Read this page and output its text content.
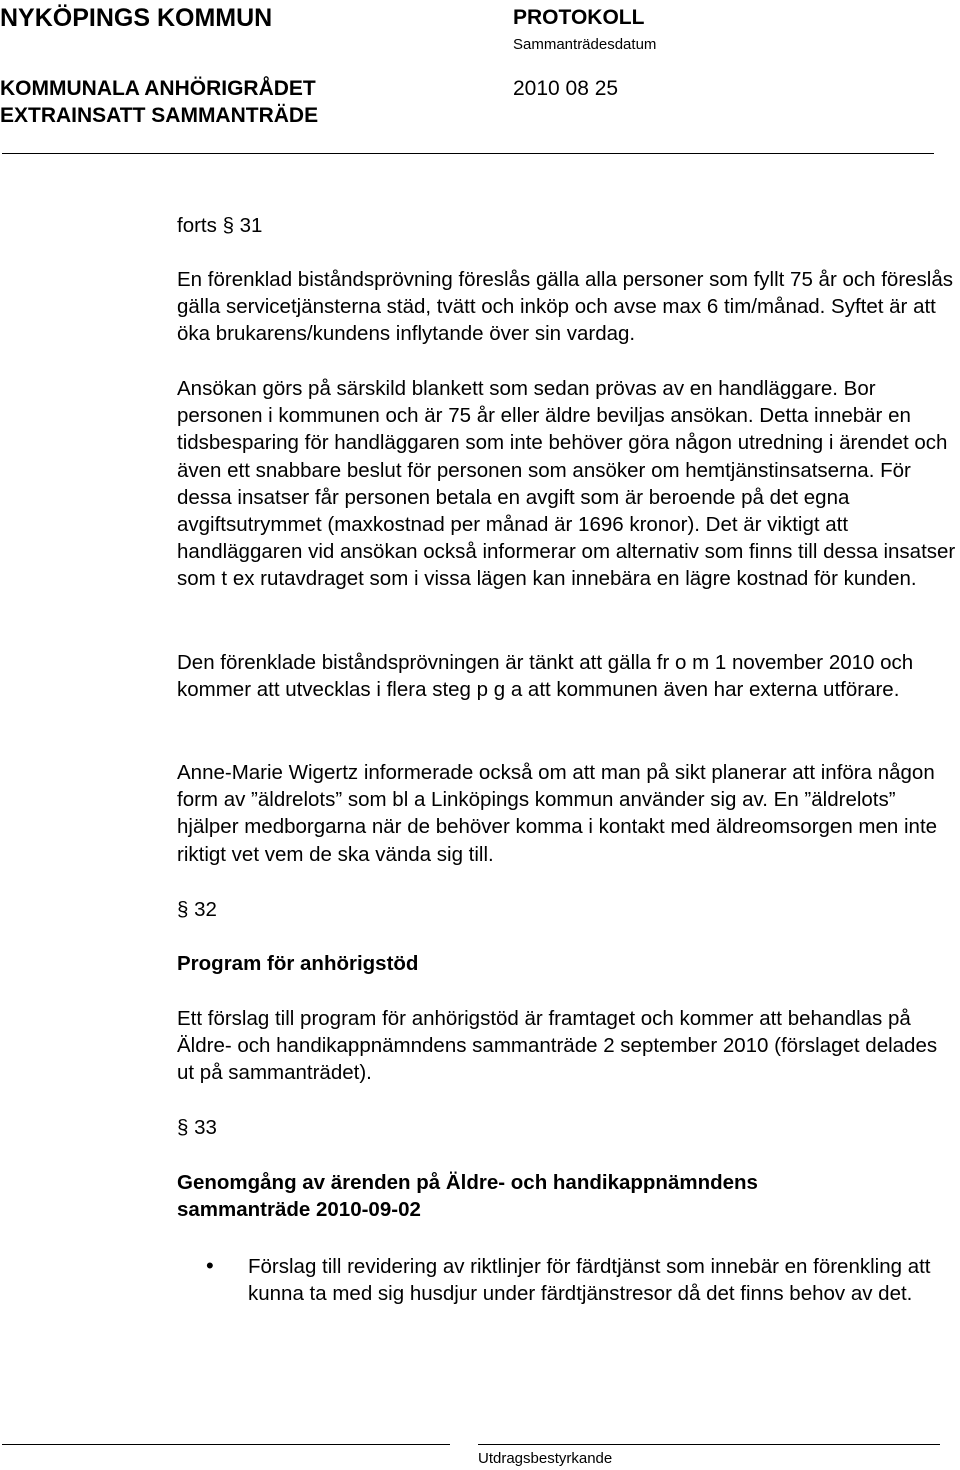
NYKÖPINGS KOMMUN	PROTOKOLL
Sammanträdesdatum
KOMMUNALA ANHÖRIGRÅDET	2010 08 25
EXTRAINSATT SAMMANTRÄDE
forts § 31

En förenklad biståndsprövning föreslås gälla alla personer som fyllt 75 år och föreslås gälla servicetjänsterna städ, tvätt och inköp och avse max 6 tim/månad. Syftet är att öka brukarens/kundens inflytande över sin vardag.

Ansökan görs på särskild blankett som sedan prövas av en handläggare. Bor personen i kommunen och är 75 år eller äldre beviljas ansökan. Detta innebär en tidsbesparing för handläggaren som inte behöver göra någon utredning i ärendet och även ett snabbare beslut för personen som ansöker om hemtjänstinsatserna. För dessa insatser får personen betala en avgift som är beroende på det egna avgiftsutrymmet (maxkostnad per månad är 1696 kronor). Det är viktigt att handläggaren vid ansökan också informerar om alternativ som finns till dessa insatser som t ex rutavdraget som i vissa lägen kan innebära en lägre kostnad för kunden.

Den förenklade biståndsprövningen är tänkt att gälla fr o m 1 november 2010 och kommer att utvecklas i flera steg p g a att kommunen även har externa utförare.

Anne-Marie Wigertz informerade också om att man på sikt planerar att införa någon form av ”äldrelots” som bl a Linköpings kommun använder sig av. En ”äldrelots” hjälper medborgarna när de behöver komma i kontakt med äldreomsorgen men inte riktigt vet vem de ska vända sig till.

§ 32
Program för anhörigstöd

Ett förslag till program för anhörigstöd är framtaget och kommer att behandlas på Äldre- och handikappnämndens sammanträde 2 september 2010 (förslaget delades ut på sammanträdet).

§ 33
Genomgång av ärenden på Äldre- och handikappnämndens sammanträde 2010-09-02
• Förslag till revidering av riktlinjer för färdtjänst som innebär en förenkling att kunna ta med sig husdjur under färdtjänstresor då det finns behov av det.

Utdragsbestyrkande
